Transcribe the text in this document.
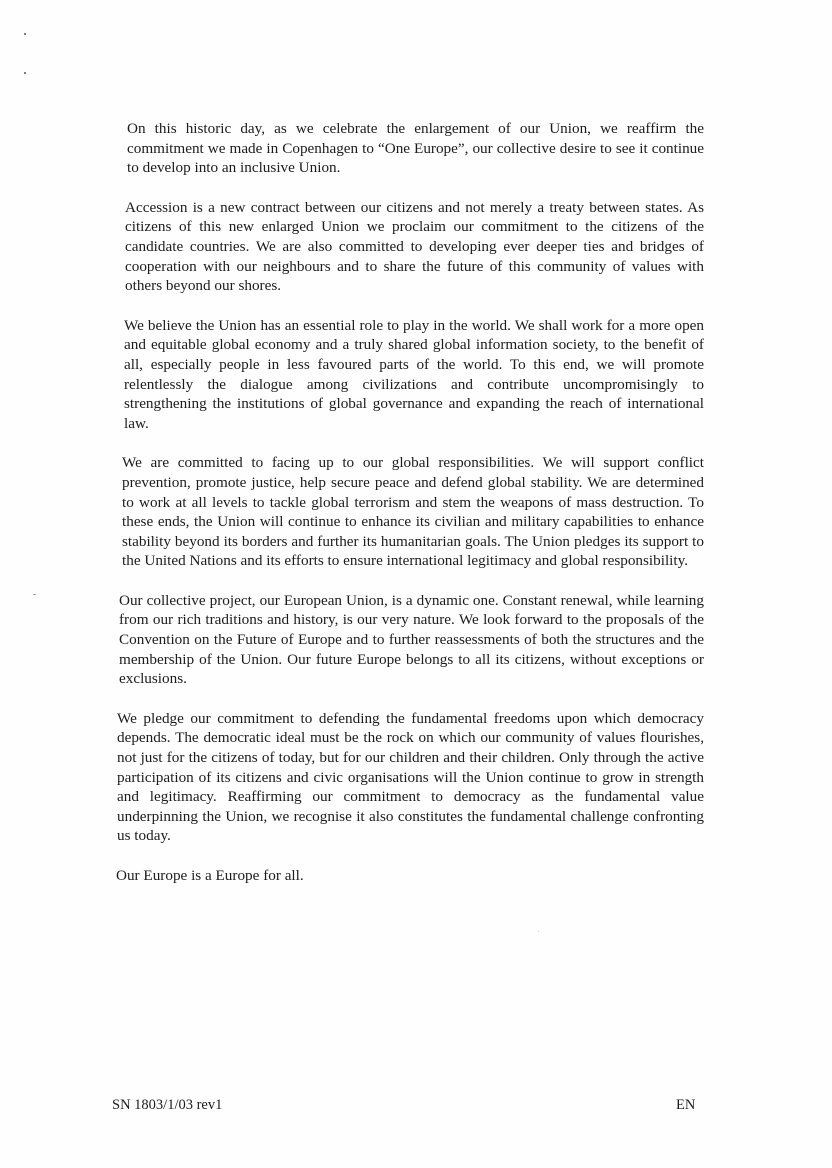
On this historic day, as we celebrate the enlargement of our Union, we reaffirm the commitment we made in Copenhagen to “One Europe”, our collective desire to see it continue to develop into an inclusive Union.

Accession is a new contract between our citizens and not merely a treaty between states. As citizens of this new enlarged Union we proclaim our commitment to the citizens of the candidate countries. We are also committed to developing ever deeper ties and bridges of cooperation with our neighbours and to share the future of this community of values with others beyond our shores.

We believe the Union has an essential role to play in the world. We shall work for a more open and equitable global economy and a truly shared global information society, to the benefit of all, especially people in less favoured parts of the world. To this end, we will promote relentlessly the dialogue among civilizations and contribute uncompromisingly to strengthening the institutions of global governance and expanding the reach of international law.

We are committed to facing up to our global responsibilities. We will support conflict prevention, promote justice, help secure peace and defend global stability. We are determined to work at all levels to tackle global terrorism and stem the weapons of mass destruction. To these ends, the Union will continue to enhance its civilian and military capabilities to enhance stability beyond its borders and further its humanitarian goals. The Union pledges its support to the United Nations and its efforts to ensure international legitimacy and global responsibility.

Our collective project, our European Union, is a dynamic one. Constant renewal, while learning from our rich traditions and history, is our very nature. We look forward to the proposals of the Convention on the Future of Europe and to further reassessments of both the structures and the membership of the Union. Our future Europe belongs to all its citizens, without exceptions or exclusions.

We pledge our commitment to defending the fundamental freedoms upon which democracy depends. The democratic ideal must be the rock on which our community of values flourishes, not just for the citizens of today, but for our children and their children. Only through the active participation of its citizens and civic organisations will the Union continue to grow in strength and legitimacy. Reaffirming our commitment to democracy as the fundamental value underpinning the Union, we recognise it also constitutes the fundamental challenge confronting us today.

Our Europe is a Europe for all.

SN 1803/1/03 rev1	EN
